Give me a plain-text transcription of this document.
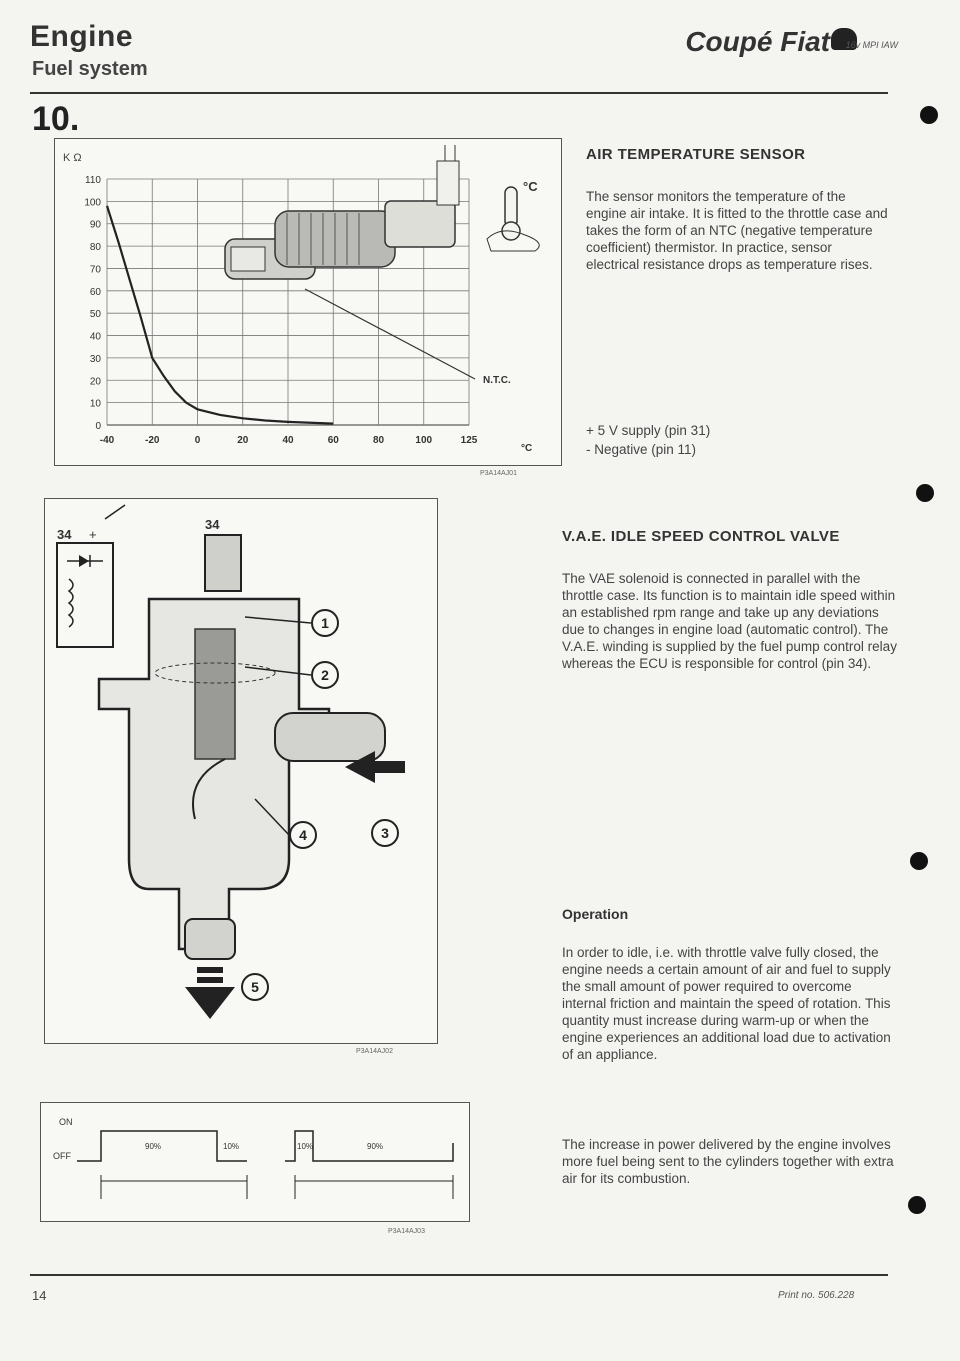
Engine
Fuel system
10.
Coupé Fiat 16v MPI IAW
K Ω
110
100
90
80
70
60
50
40
30
20
10
0
-40	-20	0	20	40	60	80	100	125
°C
N.T.C.
°C
P3A14AJ01
AIR TEMPERATURE SENSOR
The sensor monitors the temperature of the engine air intake. It is fitted to the throttle case and takes the form of an NTC (negative temperature coefficient) thermistor. In practice, sensor electrical resistance drops as temperature rises.
+ 5 V supply (pin 31)
- Negative (pin 11)
34 +
34
1
2
3
4
5
P3A14AJ02
V.A.E. IDLE SPEED CONTROL VALVE
The VAE solenoid is connected in parallel with the throttle case. Its function is to maintain idle speed within an established rpm range and take up any deviations due to changes in engine load (automatic control). The V.A.E. winding is supplied by the fuel pump control relay whereas the ECU is responsible for control (pin 34).
Operation
In order to idle, i.e. with throttle valve fully closed, the engine needs a certain amount of air and fuel to supply the small amount of power required to overcome internal friction and maintain the speed of rotation. This quantity must increase during warm-up or when the engine experiences an additional load due to activation of an appliance.
The increase in power delivered by the engine involves more fuel being sent to the cylinders together with extra air for its combustion.
ON
OFF
90%	10%	10%	90%
P3A14AJ03
14	Print no. 506.228
